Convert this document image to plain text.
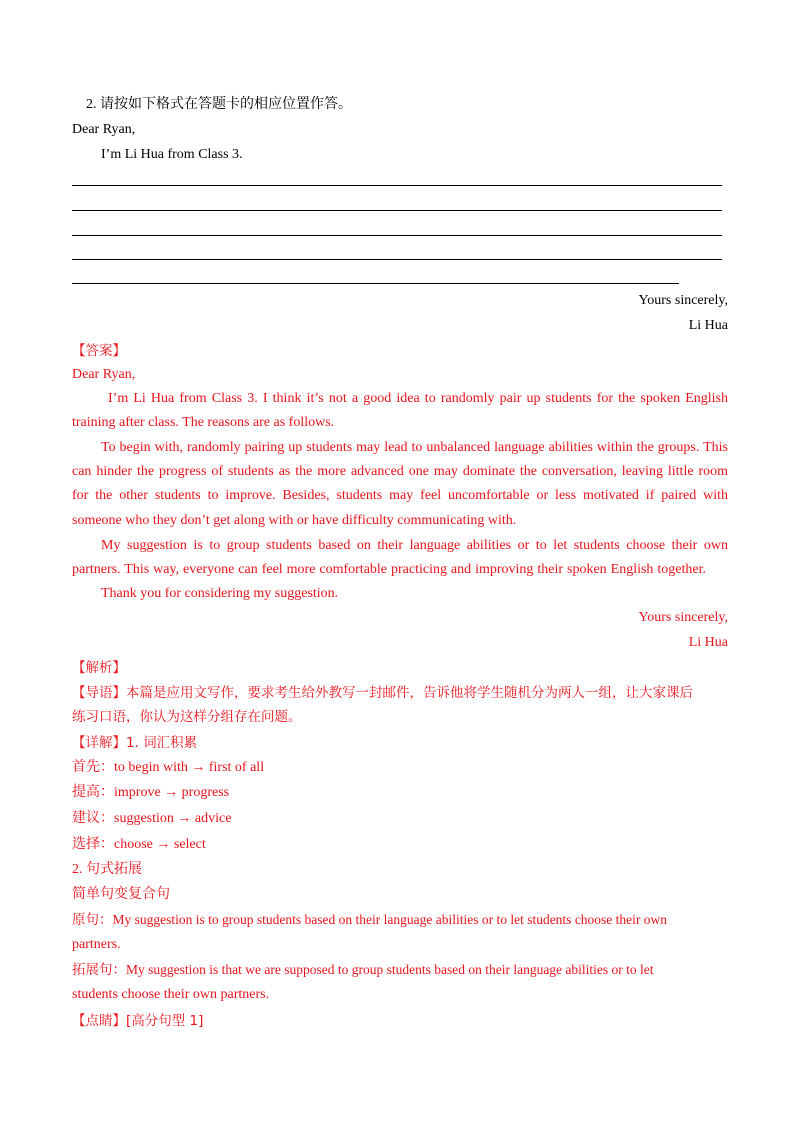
2. 请按如下格式在答题卡的相应位置作答。
Dear Ryan,
I’m Li Hua from Class 3.
Yours sincerely,
Li Hua
【答案】
Dear Ryan,
I’m Li Hua from Class 3. I think it’s not a good idea to randomly pair up students for the spoken English
training after class. The reasons are as follows.
To begin with, randomly pairing up students may lead to unbalanced language abilities within the groups. This
can hinder the progress of students as the more advanced one may dominate the conversation, leaving little room
for the other students to improve. Besides, students may feel uncomfortable or less motivated if paired with
someone who they don’t get along with or have difficulty communicating with.
My suggestion is to group students based on their language abilities or to let students choose their own
partners. This way, everyone can feel more comfortable practicing and improving their spoken English together.
Thank you for considering my suggestion.
Yours sincerely,
Li Hua
【解析】
【导语】本篇是应用文写作，要求考生给外教写一封邮件，告诉他将学生随机分为两人一组，让大家课后
练习口语，你认为这样分组存在问题。
【详解】1. 词汇积累
首先：to begin with → first of all
提高：improve → progress
建议：suggestion → advice
选择：choose → select
2. 句式拓展
简单句变复合句
原句：My suggestion is to group students based on their language abilities or to let students choose their own
partners.
拓展句：My suggestion is that we are supposed to group students based on their language abilities or to let
students choose their own partners.
【点睛】[高分句型 1]
